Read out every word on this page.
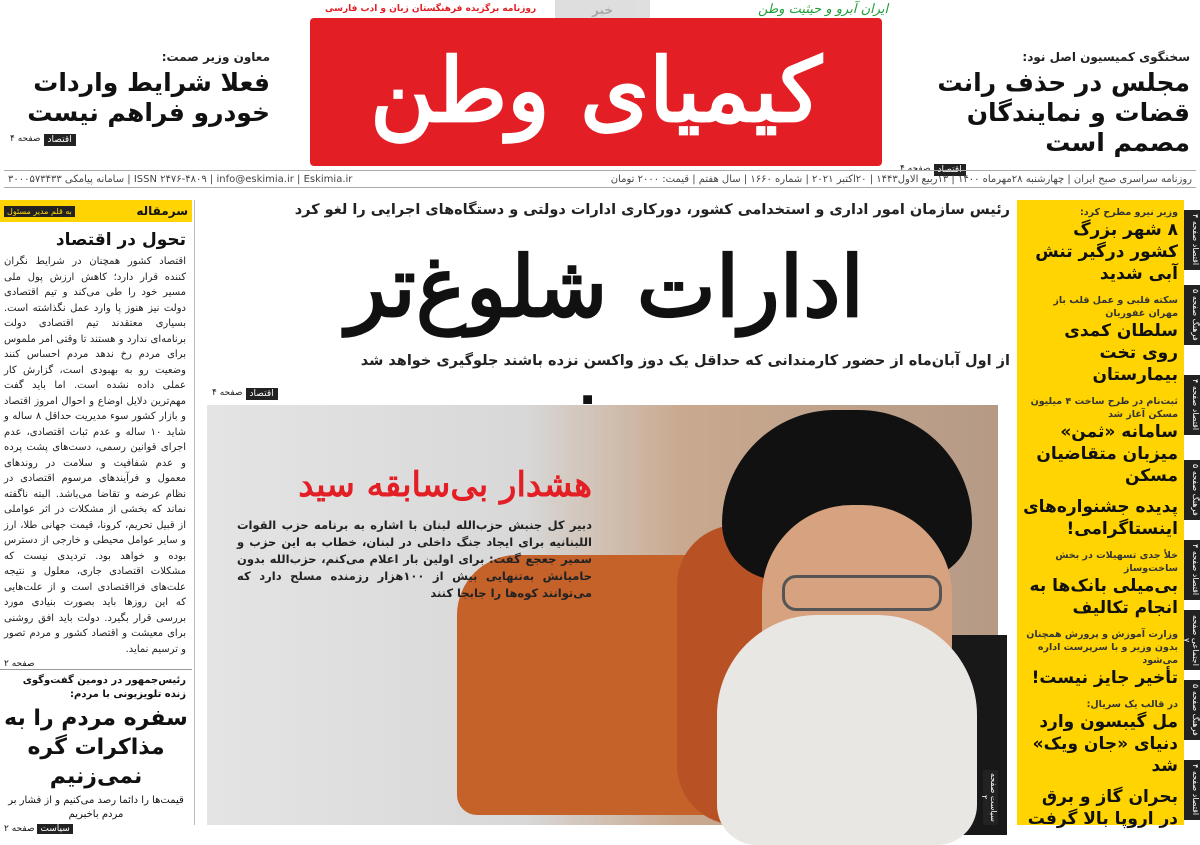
روزنامه برگزیده فرهنگستان زبان و ادب فارسی	خبر	ایران آبرو و حیثیت وطن
کیمیای وطن	سخنگوی کمیسیون اصل نود:
مجلس در حذف رانت قضات و نمایندگان مصمم است
اقتصاد
صفحه ۴
معاون وزیر صمت:
فعلا شرایط واردات خودرو فراهم نیست
اقتصاد
صفحه ۴
روزنامه سراسری صبح ایران | چهارشنبه ۲۸مهرماه ۱۴۰۰ | ۱۳ربیع الاول۱۴۴۳ | ۲۰اکتبر ۲۰۲۱ | شماره ۱۶۶۰ | سال هفتم | قیمت: ۲۰۰۰ تومان
ISSN ۲۴۷۶-۴۸۰۹ | info@eskimia.ir | Eskimia.ir | سامانه پیامکی ۳۰۰۰۵۷۳۴۳۳
سرمقاله
به قلم مدیر مسئول
تحول در اقتصاد
اقتصاد کشور همچنان در شرایط نگران کننده قرار دارد؛ کاهش ارزش پول ملی مسیر خود را طی می‌کند و تیم اقتصادی دولت نیز هنوز پا وارد عمل نگذاشته است. بسیاری معتقدند تیم اقتصادی دولت برنامه‌ای ندارد و هستند تا وقتی امر ملموس برای مردم رخ ندهد مردم احساس کنند وضعیت رو به بهبودی است، گزارش کار عملی داده نشده است. اما باید گفت مهم‌ترین دلایل اوضاع و احوال امروز اقتصاد و بازار کشور سوء مدیریت حداقل ۸ ساله و شاید ۱۰ ساله و عدم ثبات اقتصادی، عدم اجرای قوانین رسمی، دست‌های پشت پرده و عدم شفافیت و سلامت در روندهای معمول و فرآیندهای مرسوم اقتصادی در نظام عرضه و تقاضا می‌باشد. البته ناگفته نماند که بخشی از مشکلات در اثر عواملی از قبیل تحریم، کرونا، قیمت جهانی طلا، ارز و سایر عوامل محیطی و خارجی از دسترس بوده و خواهد بود. تردیدی نیست که مشکلات اقتصادی جاری، معلول و نتیجه علت‌های فرااقتصادی است و از علت‌هایی که این روزها باید بصورت بنیادی مورد بررسی قرار بگیرد. دولت باید افق روشنی برای معیشت و اقتصاد کشور و مردم تصور و ترسیم نماید.
صفحه ۲
رئیس‌جمهور در دومین گفت‌وگوی زنده تلویزیونی با مردم:
سفره مردم را به مذاکرات گره نمی‌زنیم
قیمت‌ها را دائما رصد می‌کنیم و از فشار بر مردم باخبریم
سیاست صفحه ۲
رئیس سازمان امور اداری و استخدامی کشور، دورکاری ادارات دولتی و دستگاه‌های اجرایی را لغو کرد
ادارات شلوغ‌تر
از اول آبان‌ماه از حضور کارمندانی که حداقل یک دوز واکسن نزده باشند جلوگیری خواهد شد
اقتصاد
صفحه ۴
هشدار بی‌سابقه سید
دبیر کل جنبش حزب‌الله لبنان با اشاره به برنامه حزب القوات اللبنانیه برای ایجاد جنگ داخلی در لبنان، خطاب به این حزب و سمیر جعجع گفت: برای اولین بار اعلام می‌کنم، حزب‌الله بدون حامیانش به‌تنهایی بیش از ۱۰۰هزار رزمنده مسلح دارد که می‌توانند کوه‌ها را جابجا کنند
سیاست صفحه ۲
وزیر نیرو مطرح کرد:
۸ شهر بزرگ کشور درگیر تنش آبی شدید
سکته قلبی و عمل قلب باز مهران غفوریان
سلطان کمدی روی تخت بیمارستان
ثبت‌نام در طرح ساخت ۴ میلیون مسکن آغاز شد
سامانه «ثمن» میزبان متقاضیان مسکن
پدیده جشنواره‌های اینستاگرامی!
خلأ جدی تسهیلات در بخش ساخت‌وساز
بی‌میلی بانک‌ها به انجام تکالیف
وزارت آموزش و پرورش همچنان بدون وزیر و با سرپرست اداره می‌شود
تأخیر جایز نیست!
در قالب یک سریال:
مل گیبسون وارد دنیای «جان ویک» شد
بحران گاز و برق در اروپا بالا گرفت
اقتصاد صفحه ۴
فرهنگ صفحه ۵
اقتصاد صفحه ۴
فرهنگ صفحه ۵
اقتصاد صفحه ۴
اجتماعی صفحه ۷
فرهنگ صفحه ۵
اقتصاد صفحه ۴
